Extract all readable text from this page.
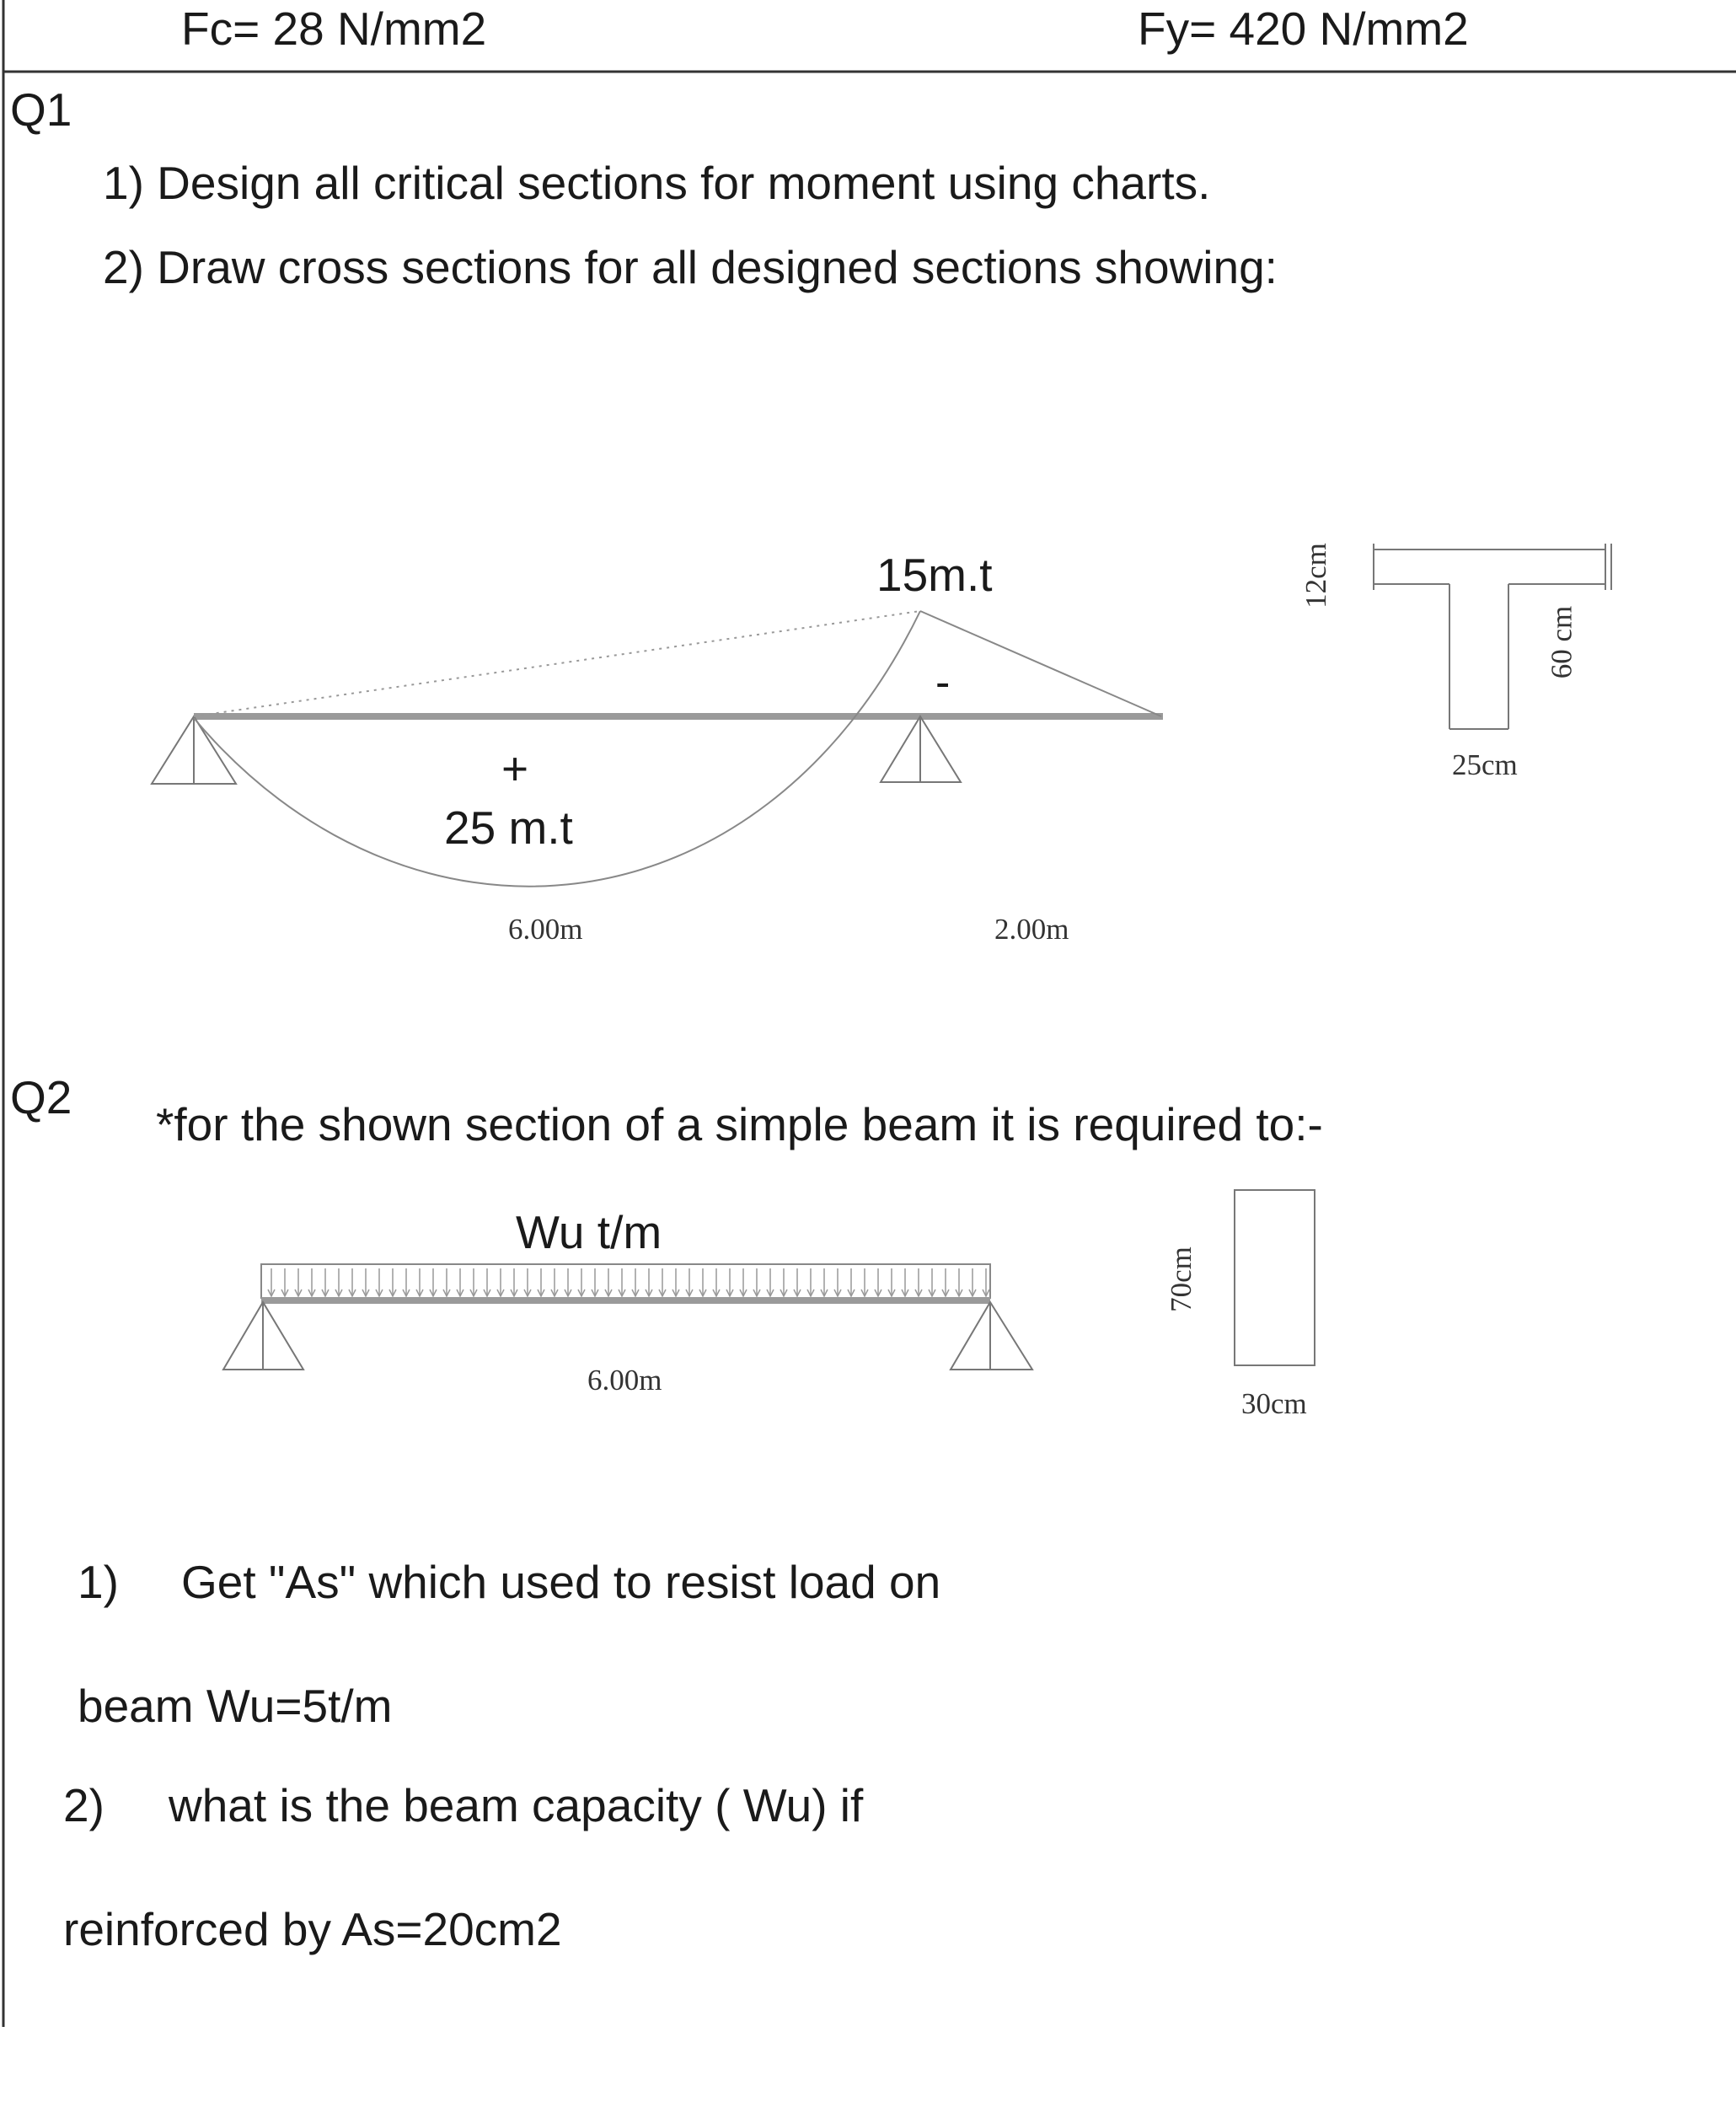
Fc= 28 N/mm2	Fy= 420 N/mm2
Q1
1) Design all critical sections for moment using charts.
2) Draw cross sections for all designed sections showing:
15m.t
-
+
25 m.t
6.00m	2.00m
12cm
60 cm
25cm
Q2
*for the shown section of a simple beam it is required to:-
Wu t/m
6.00m
70cm
30cm
1) Get "As" which used to resist load on
beam Wu=5t/m
2) what is the beam capacity ( Wu) if
reinforced by As=20cm2
